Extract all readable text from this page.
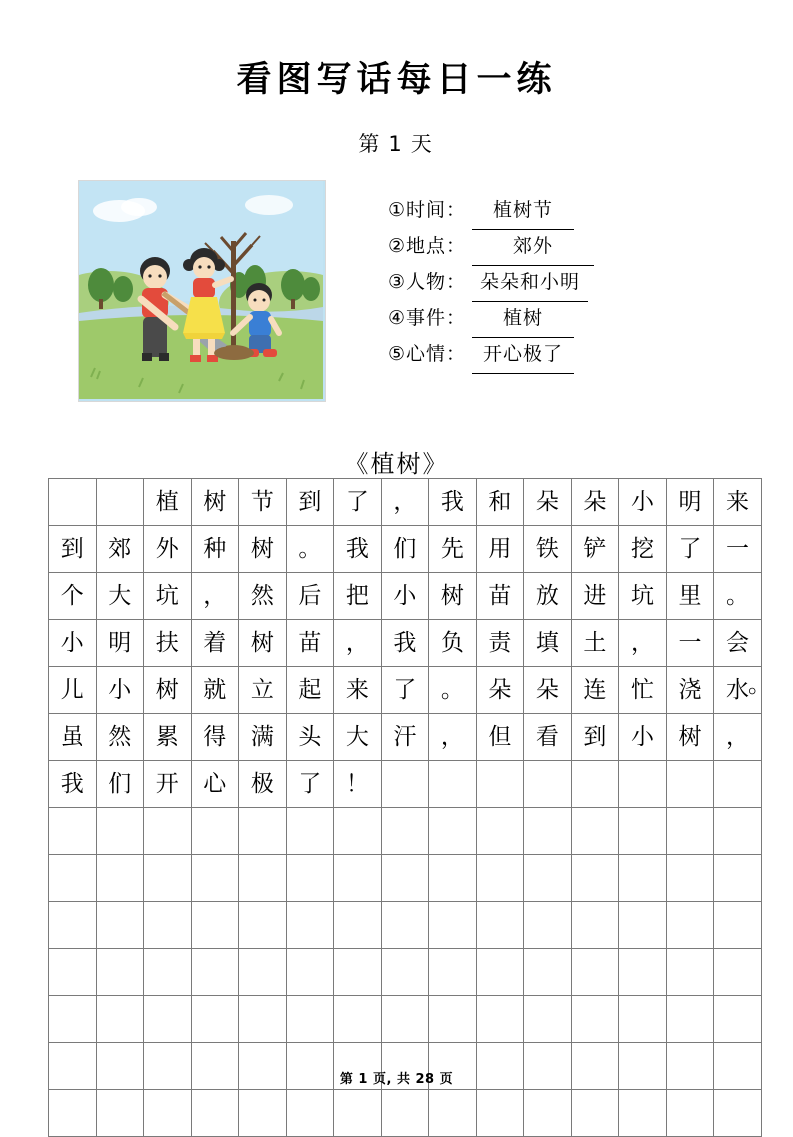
看图写话每日一练
第 1 天
①时间：	植树节
②地点：	郊外
③人物： 朵朵和小明
④事件：	植树
⑤心情： 开心极了
《植树》
		植	树	节	到	了	，	我	和	朵	朵	小	明	来
到	郊	外	种	树	。	我	们	先	用	铁	铲	挖	了	一
个	大	坑	，	然	后	把	小	树	苗	放	进	坑	里	。
小	明	扶	着	树	苗	，	我	负	责	填	土	，	一	会
儿	小	树	就	立	起	来	了	。	朵	朵	连	忙	浇	水
虽	然	累	得	满	头	大	汗	，	但	看	到	小	树	，
我	们	开	心	极	了	！								

。
第 1 页, 共 28 页
